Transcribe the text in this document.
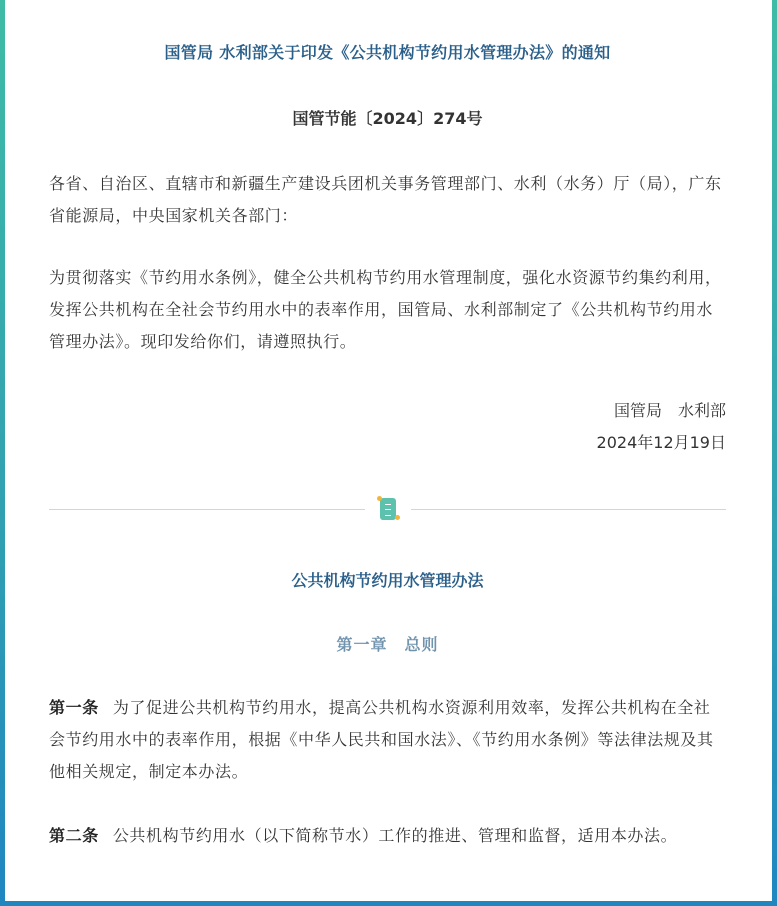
国管局 水利部关于印发《公共机构节约用水管理办法》的通知
国管节能〔2024〕274号
各省、自治区、直辖市和新疆生产建设兵团机关事务管理部门、水利（水务）厅（局），广东省能源局，中央国家机关各部门：
为贯彻落实《节约用水条例》，健全公共机构节约用水管理制度，强化水资源节约集约利用，发挥公共机构在全社会节约用水中的表率作用，国管局、水利部制定了《公共机构节约用水管理办法》。现印发给你们，请遵照执行。
国管局　水利部
2024年12月19日
公共机构节约用水管理办法
第一章　总则
第一条 为了促进公共机构节约用水，提高公共机构水资源利用效率，发挥公共机构在全社会节约用水中的表率作用，根据《中华人民共和国水法》、《节约用水条例》等法律法规及其他相关规定，制定本办法。
第二条 公共机构节约用水（以下简称节水）工作的推进、管理和监督，适用本办法。
